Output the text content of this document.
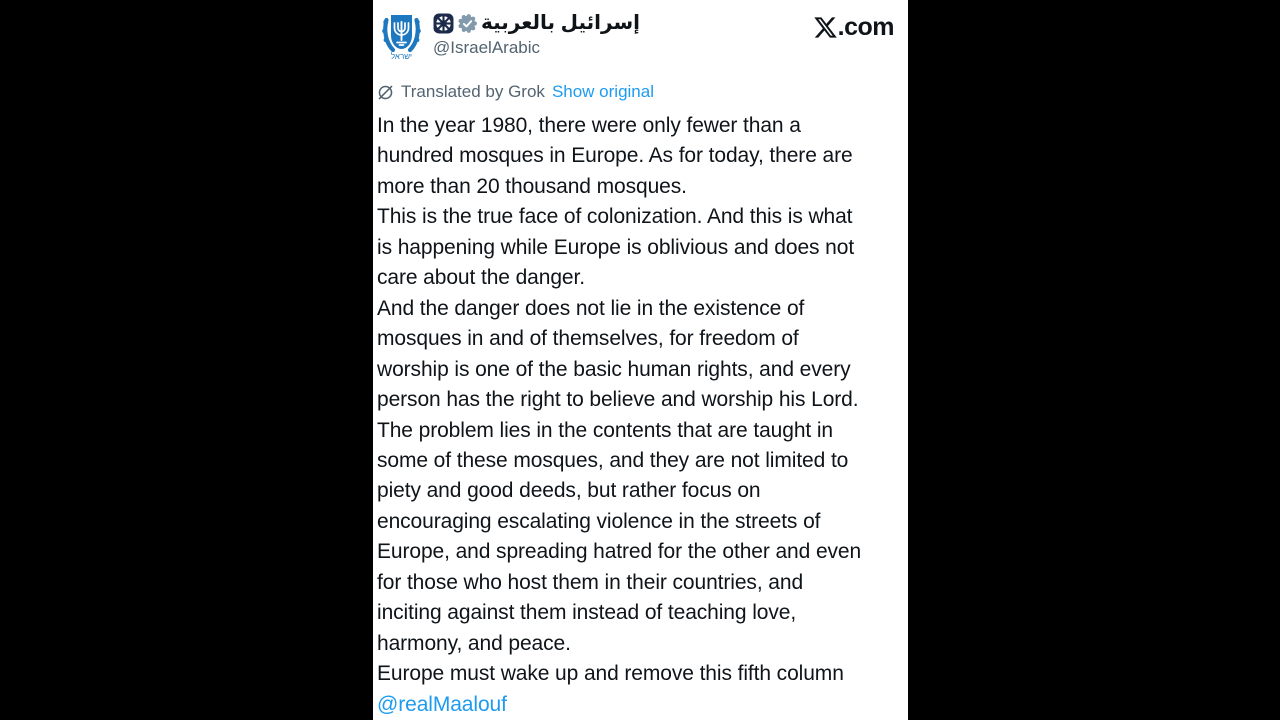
ישראל
إسرائيل بالعربية
@IsraelArabic
.com
Translated by Grok Show original
In the year 1980, there were only fewer than a
hundred mosques in Europe. As for today, there are
more than 20 thousand mosques.
This is the true face of colonization. And this is what
is happening while Europe is oblivious and does not
care about the danger.
And the danger does not lie in the existence of
mosques in and of themselves, for freedom of
worship is one of the basic human rights, and every
person has the right to believe and worship his Lord.
The problem lies in the contents that are taught in
some of these mosques, and they are not limited to
piety and good deeds, but rather focus on
encouraging escalating violence in the streets of
Europe, and spreading hatred for the other and even
for those who host them in their countries, and
inciting against them instead of teaching love,
harmony, and peace.
Europe must wake up and remove this fifth column
@realMaalouf
